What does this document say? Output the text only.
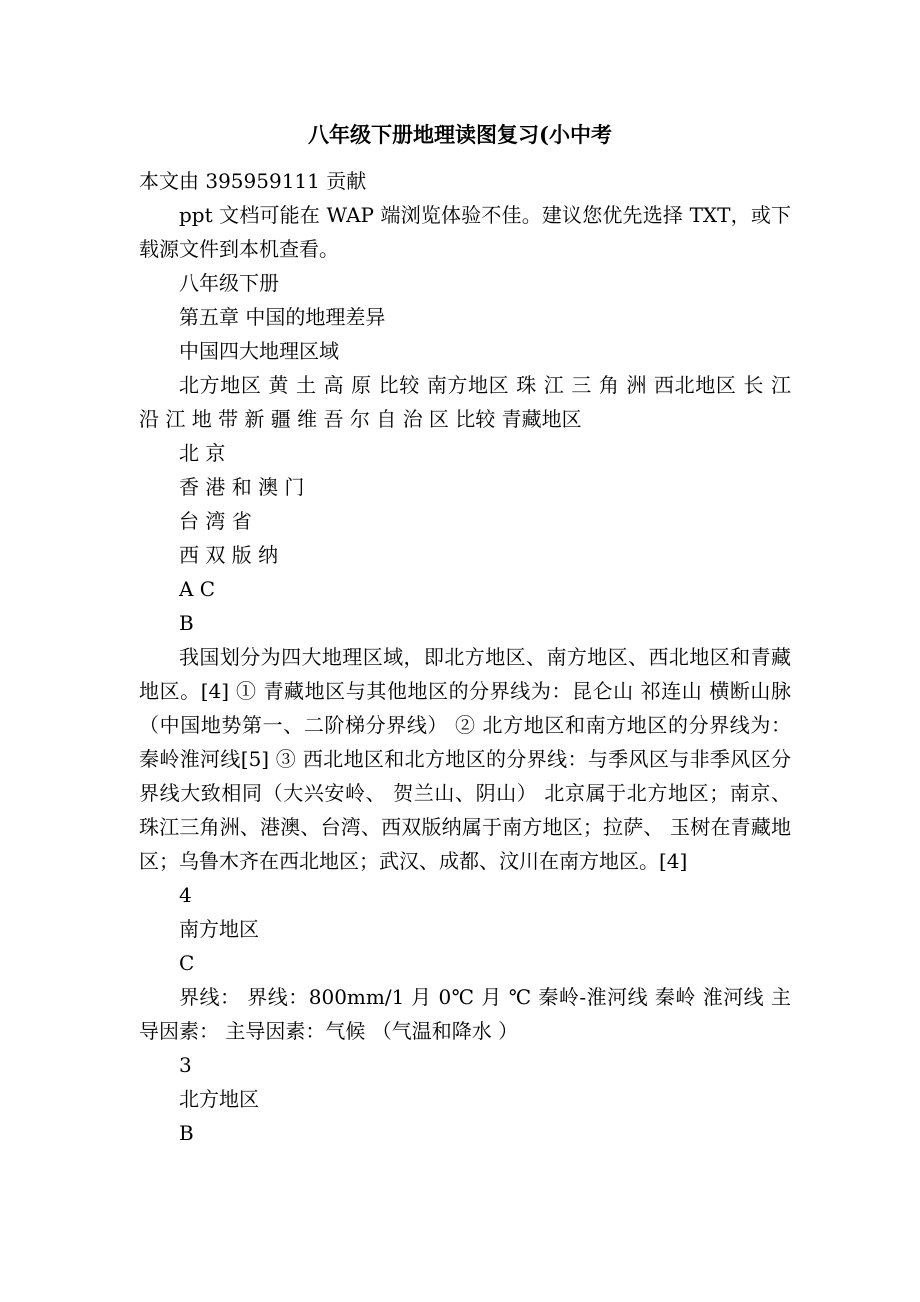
八年级下册地理读图复习(小中考

本文由 395959111 贡献

ppt 文档可能在 WAP 端浏览体验不佳。建议您优先选择 TXT，或下载源文件到本机查看。

八年级下册

第五章 中国的地理差异

中国四大地理区域

北方地区 黄 土 高 原 比较 南方地区 珠 江 三 角 洲 西北地区 长 江 沿 江 地 带 新 疆 维 吾 尔 自 治 区 比较 青藏地区

北 京

香 港 和 澳 门

台 湾 省

西 双 版 纳

A C

B

我国划分为四大地理区域，即北方地区、南方地区、西北地区和青藏地区。[4] ① 青藏地区与其他地区的分界线为：昆仑山 祁连山 横断山脉（中国地势第一、二阶梯分界线） ② 北方地区和南方地区的分界线为： 秦岭淮河线[5] ③ 西北地区和北方地区的分界线：与季风区与非季风区分界线大致相同（大兴安岭、 贺兰山、阴山） 北京属于北方地区；南京、珠江三角洲、港澳、台湾、西双版纳属于南方地区；拉萨、 玉树在青藏地区；乌鲁木齐在西北地区；武汉、成都、汶川在南方地区。[4]

4

南方地区

C

界线： 界线：800mm/1 月 0℃ 月 ℃ 秦岭-淮河线 秦岭 淮河线 主导因素： 主导因素：气候 （气温和降水 ）

3

北方地区

B
